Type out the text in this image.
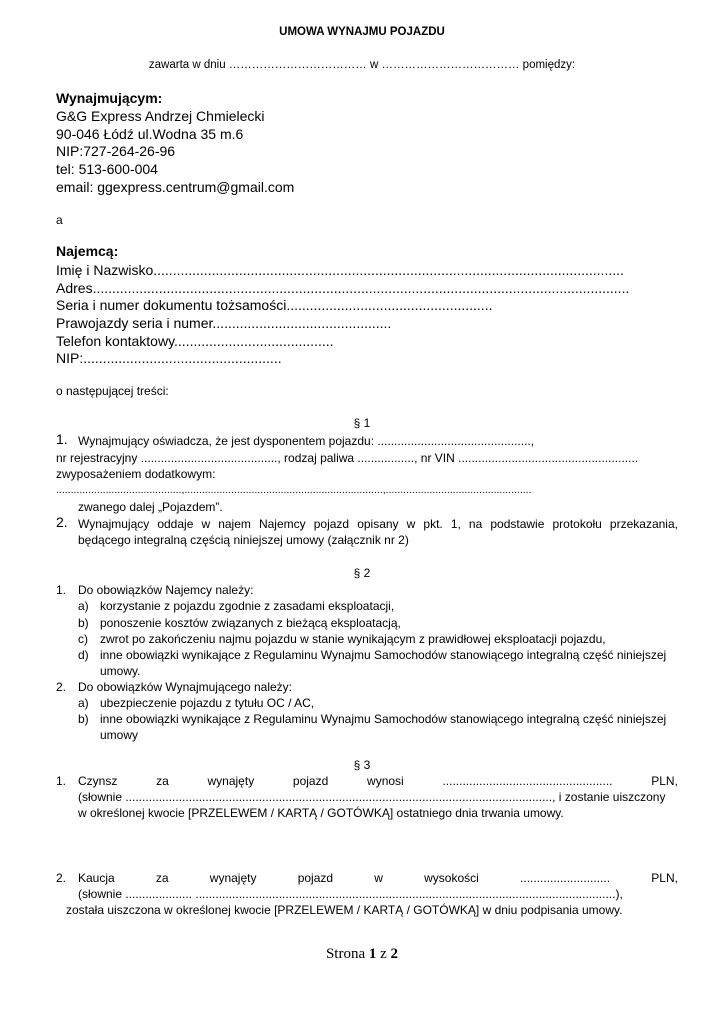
UMOWA WYNAJMU POJAZDU
zawarta w dniu ……………………………… w ……………………………… pomiędzy:
Wynajmującym:
G&G Express Andrzej Chmielecki
90-046 Łódź ul.Wodna 35 m.6
NIP:727-264-26-96
tel: 513-600-004
email: ggexpress.centrum@gmail.com
a
Najemcą:
Imię i Nazwisko.........................................................................................................................
Adres..........................................................................................................................................
Seria i numer dokumentu tożsamości.....................................................
Prawojazdy seria i numer..............................................
Telefon kontaktowy.........................................
NIP:...................................................
o następującej treści:
§ 1
1. Wynajmujący oświadcza, że jest dysponentem pojazdu: ..............................................,
nr rejestracyjny ........................................., rodzaj paliwa ................., nr VIN ......................................................
zwyposażeniem dodatkowym:
...........................................,....................................................................,..................................................
zwanego dalej „Pojazdem”.
2. Wynajmujący oddaje w najem Najemcy pojazd opisany w pkt. 1, na podstawie protokołu przekazania,
będącego integralną częścią niniejszej umowy (załącznik nr 2)
§ 2
1. Do obowiązków Najemcy należy:
a) korzystanie z pojazdu zgodnie z zasadami eksploatacji,
b) ponoszenie kosztów związanych z bieżącą eksploatacją,
c) zwrot po zakończeniu najmu pojazdu w stanie wynikającym z prawidłowej eksploatacji pojazdu,
d) inne obowiązki wynikające z Regulaminu Wynajmu Samochodów stanowiącego integralną część niniejszej
umowy.
2. Do obowiązków Wynajmującego należy:
a) ubezpieczenie pojazdu z tytułu OC / AC,
b) inne obowiązki wynikające z Regulaminu Wynajmu Samochodów stanowiącego integralną część niniejszej
umowy
§ 3
1. Czynsz	za	wynajęty	pojazd	wynosi	...................................................	PLN,
(słownie ................................................................................................................................, i zostanie uiszczony
w określonej kwocie [PRZELEWEM / KARTĄ / GOTÓWKĄ] ostatniego dnia trwania umowy.
2. Kaucja	za	wynajęty	pojazd	w	wysokości	...........................	PLN,
(słownie .................... ..............................................................................................................................),
została uiszczona w określonej kwocie [PRZELEWEM / KARTĄ / GOTÓWKĄ] w dniu podpisania umowy.
Strona 1 z 2
